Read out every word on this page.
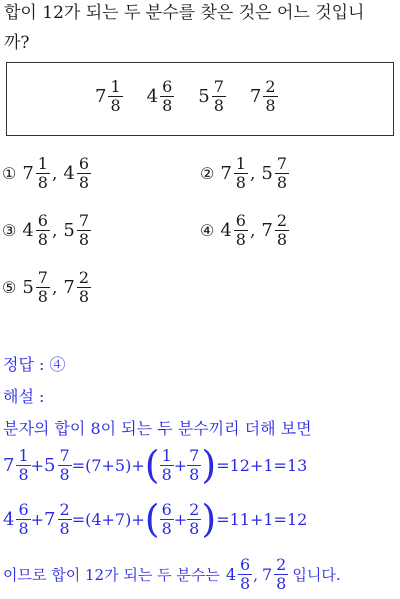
합이 12가 되는 두 분수를 찾은 것은 어느 것입니
까?
$7 \frac{1}{8} 4 \frac{6}{8} 5 \frac{7}{8} 7 \frac{2}{8}$
① $7 \frac{1}{8}$ , $4 \frac{6}{8}$	② $7 \frac{1}{8}$ , $5 \frac{7}{8}$
③ $4 \frac{6}{8}$ , $5 \frac{7}{8}$	④ $4 \frac{6}{8}$ , $7 \frac{2}{8}$
⑤ $5 \frac{7}{8}$ , $7 \frac{2}{8}$
정답 : ④
해설 :
분자의 합이 8이 되는 두 분수끼리 더해 보면
$7 \frac{1}{8} + 5 \frac{7}{8} =(7+5)+$ ( $\frac{1}{8} + \frac{7}{8}$ ) =12+1=13
$4 \frac{6}{8} + 7 \frac{2}{8} =(4+7)+$ ( $\frac{6}{8} + \frac{2}{8}$ ) =11+1=12
이므로 합이 12가 되는 두 분수는 $4 \frac{6}{8}$ , $7 \frac{2}{8}$ 입니다.
